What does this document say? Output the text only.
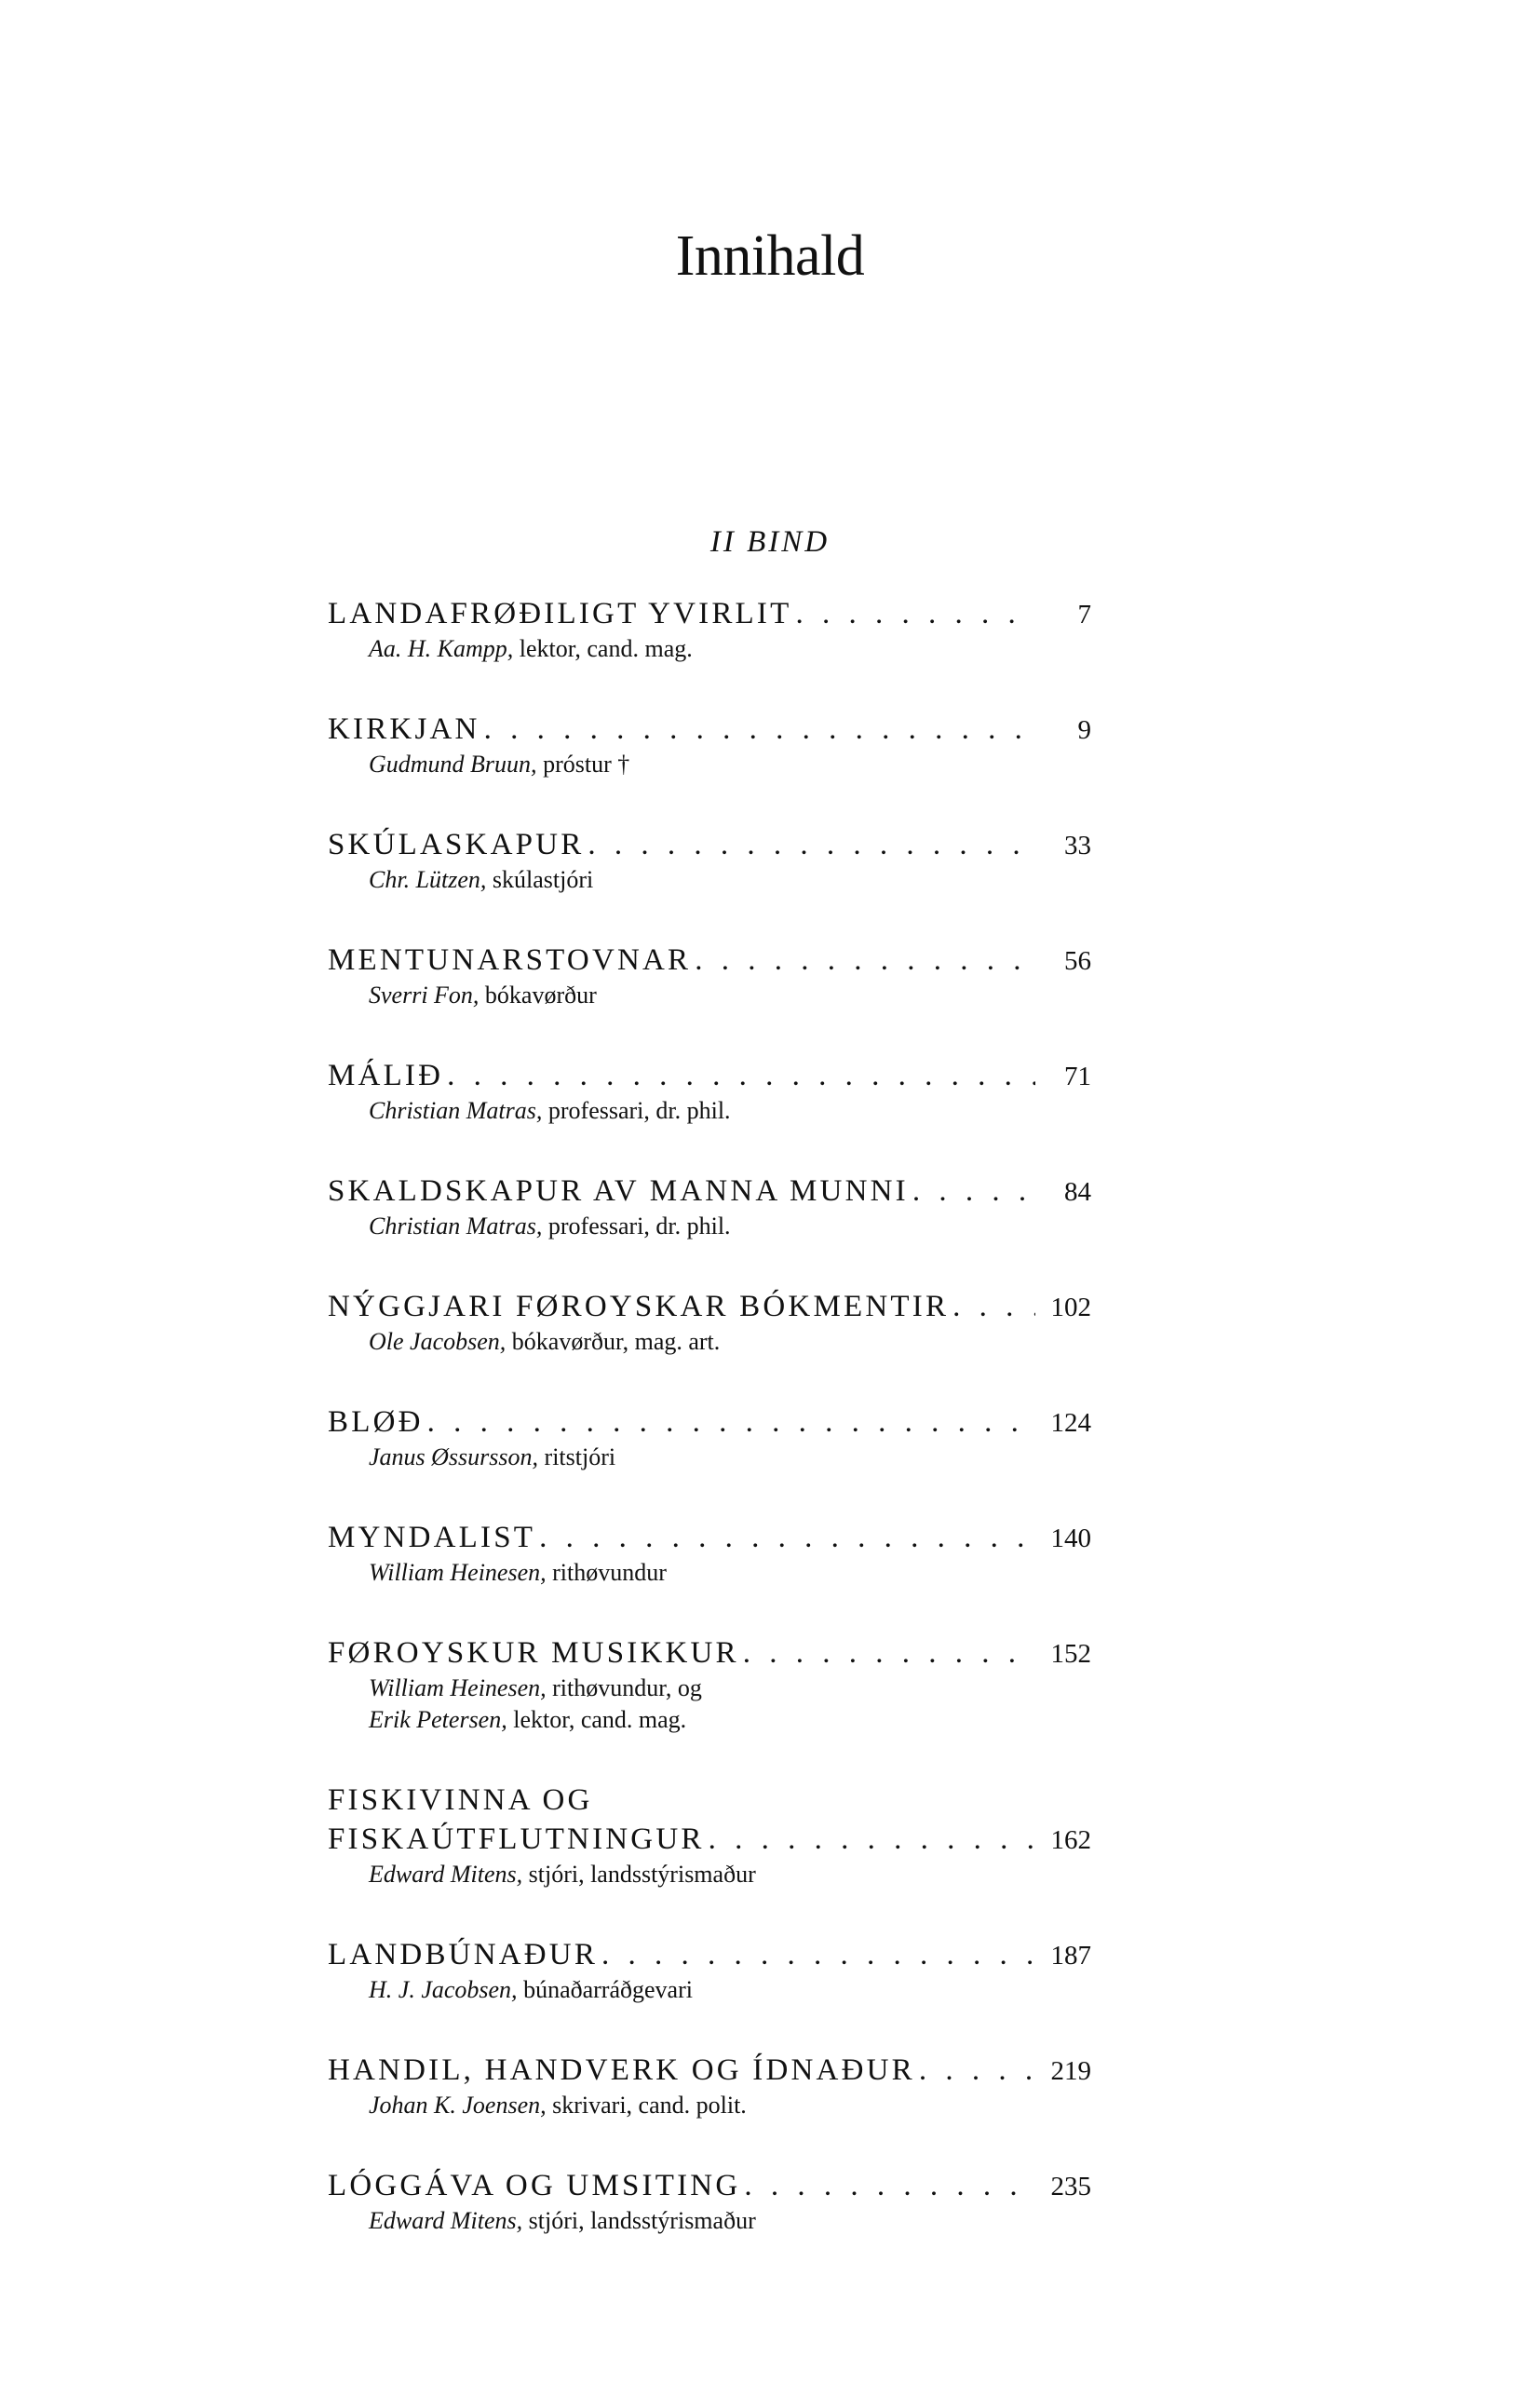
Innihald
II BIND
LANDAFRØÐILIGT YVIRLIT . . .	7
Aa. H. Kampp, lektor, cand. mag.
KIRKJAN . . .	9
Gudmund Bruun, próstur †
SKÚLASKAPUR . . .	33
Chr. Lützen, skúlastjóri
MENTUNARSTOVNAR . . .	56
Sverri Fon, bókavørður
MÁLIÐ . . .	71
Christian Matras, professari, dr. phil.
SKALDSKAPUR AV MANNA MUNNI . . .	84
Christian Matras, professari, dr. phil.
NÝGGJARI FØROYSKAR BÓKMENTIR . . .	102
Ole Jacobsen, bókavørður, mag. art.
BLØÐ . . .	124
Janus Øssursson, ritstjóri
MYNDALIST . . .	140
William Heinesen, rithøvundur
FØROYSKUR MUSIKKUR . . .	152
William Heinesen, rithøvundur, og
Erik Petersen, lektor, cand. mag.
FISKIVINNA OG
FISKAÚTFLUTNINGUR . . .	162
Edward Mitens, stjóri, landsstýrismaður
LANDBÚNAÐUR . . .	187
H. J. Jacobsen, búnaðarráðgevari
HANDIL, HANDVERK OG ÍDNAÐUR . . .	219
Johan K. Joensen, skrivari, cand. polit.
LÓGGÁVA OG UMSITING . . .	235
Edward Mitens, stjóri, landsstýrismaður
